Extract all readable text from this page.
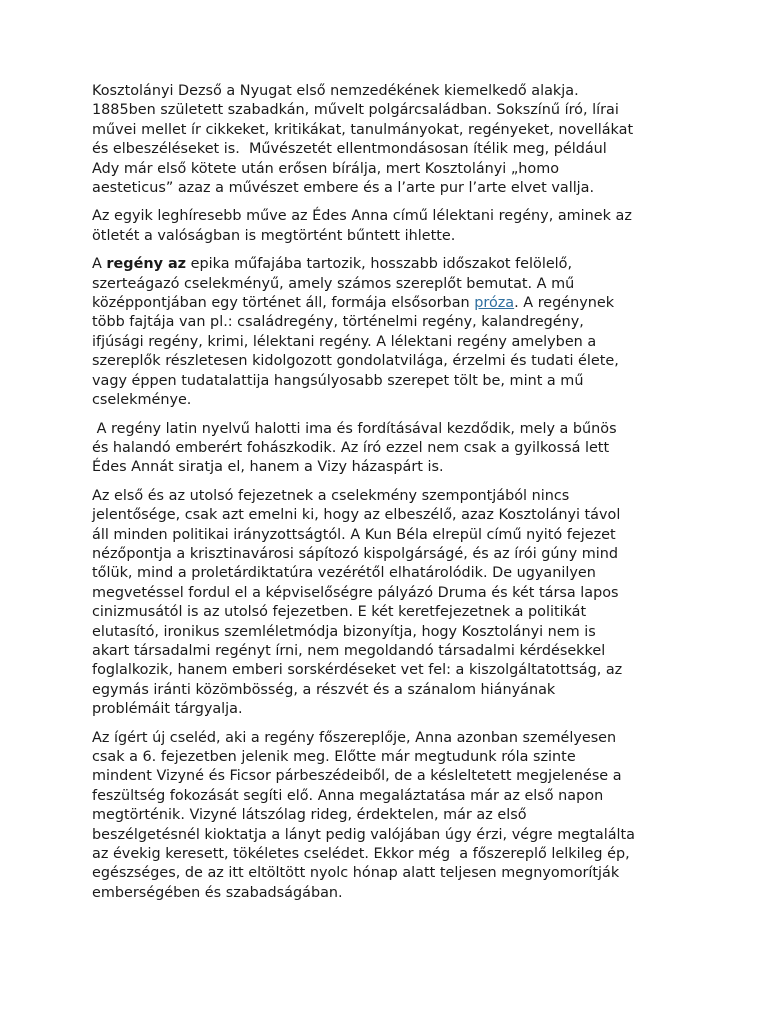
Kosztolányi Dezső a Nyugat első nemzedékének kiemelkedő alakja.
1885ben született szabadkán, művelt polgárcsaládban. Sokszínű író, lírai
művei mellet ír cikkeket, kritikákat, tanulmányokat, regényeket, novellákat
és elbeszéléseket is.  Művészetét ellentmondásosan ítélik meg, például
Ady már első kötete után erősen bírálja, mert Kosztolányi „homo
aesteticus” azaz a művészet embere és a l’arte pur l’arte elvet vallja.

Az egyik leghíresebb műve az Édes Anna című lélektani regény, aminek az
ötletét a valóságban is megtörtént bűntett ihlette.

A regény az epika műfajába tartozik, hosszabb időszakot felölelő,
szerteágazó cselekményű, amely számos szereplőt bemutat. A mű
középpontjában egy történet áll, formája elsősorban próza. A regénynek
több fajtája van pl.: családregény, történelmi regény, kalandregény,
ifjúsági regény, krimi, lélektani regény. A lélektani regény amelyben a
szereplők részletesen kidolgozott gondolatvilága, érzelmi és tudati élete,
vagy éppen tudatalattija hangsúlyosabb szerepet tölt be, mint a mű
cselekménye.

A regény latin nyelvű halotti ima és fordításával kezdődik, mely a bűnös
és halandó emberért fohászkodik. Az író ezzel nem csak a gyilkossá lett
Édes Annát siratja el, hanem a Vizy házaspárt is.

Az első és az utolsó fejezetnek a cselekmény szempontjából nincs
jelentősége, csak azt emelni ki, hogy az elbeszélő, azaz Kosztolányi távol
áll minden politikai irányzottságtól. A Kun Béla elrepül című nyitó fejezet
nézőpontja a krisztinavárosi sápítozó kispolgárságé, és az írói gúny mind
tőlük, mind a proletárdiktatúra vezérétől elhatárolódik. De ugyanilyen
megvetéssel fordul el a képviselőségre pályázó Druma és két társa lapos
cinizmusától is az utolsó fejezetben. E két keretfejezetnek a politikát
elutasító, ironikus szemléletmódja bizonyítja, hogy Kosztolányi nem is
akart társadalmi regényt írni, nem megoldandó társadalmi kérdésekkel
foglalkozik, hanem emberi sorskérdéseket vet fel: a kiszolgáltatottság, az
egymás iránti közömbösség, a részvét és a szánalom hiányának
problémáit tárgyalja.

Az ígért új cseléd, aki a regény főszereplője, Anna azonban személyesen
csak a 6. fejezetben jelenik meg. Előtte már megtudunk róla szinte
mindent Vizyné és Ficsor párbeszédeiből, de a késleltetett megjelenése a
feszültség fokozását segíti elő. Anna megaláztatása már az első napon
megtörténik. Vizyné látszólag rideg, érdektelen, már az első
beszélgetésnél kioktatja a lányt pedig valójában úgy érzi, végre megtalálta
az évekig keresett, tökéletes cselédet. Ekkor még  a főszereplő lelkileg ép,
egészséges, de az itt eltöltött nyolc hónap alatt teljesen megnyomorítják
emberségében és szabadságában.
